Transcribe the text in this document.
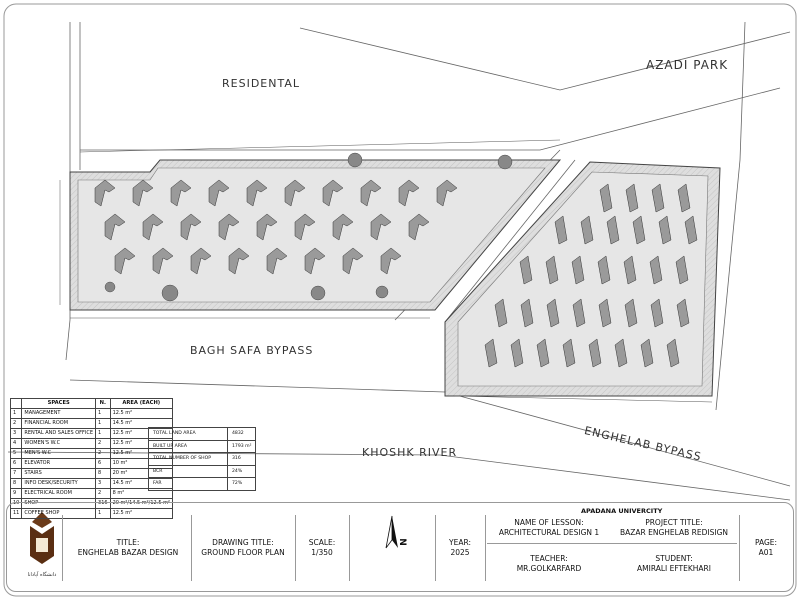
دانشگاه آپادانا
RESIDENTAL
AZADI PARK
BAGH SAFA BYPASS
KHOSHK RIVER	ENGHELAB BYPASS
	SPACES	N.	AREA (EACH)
1	MANAGEMENT	1	12.5 m²
2	FINANCIAL ROOM	1	14.5 m²
3	RENTAL AND SALES OFFICE	1	12.5 m²
4	WOMEN'S W.C	2	12.5 m²
5	MEN'S W.C	2	12.5 m²
6	ELEVATOR	6	10 m²
7	STAIRS	8	20 m²
8	INFO DESK/SECURITY	3	14.5 m²
9	ELECTRICAL ROOM	2	8 m²
10	SHOP	316	20 m²/14.5 m²/12.5 m²
11	COFFEE SHOP	1	12.5 m²
TOTAL LAND AREA	4832
BUILT UP AREA	1793 m²
TOTAL NUMBER OF SHOP	316
BCR	24%
FAR	72%
APADANA UNIVERCITY
TITLE:
ENGHELAB BAZAR DESIGN
DRAWING TITLE:
GROUND FLOOR PLAN
SCALE:
1/350
N	YEAR:
2025
NAME OF LESSON:
ARCHITECTURAL DESIGN 1
TEACHER:
MR.GOLKARFARD
PROJECT TITLE:
BAZAR ENGHELAB REDISIGN
STUDENT:
AMIRALI EFTEKHARI
PAGE:
A01
